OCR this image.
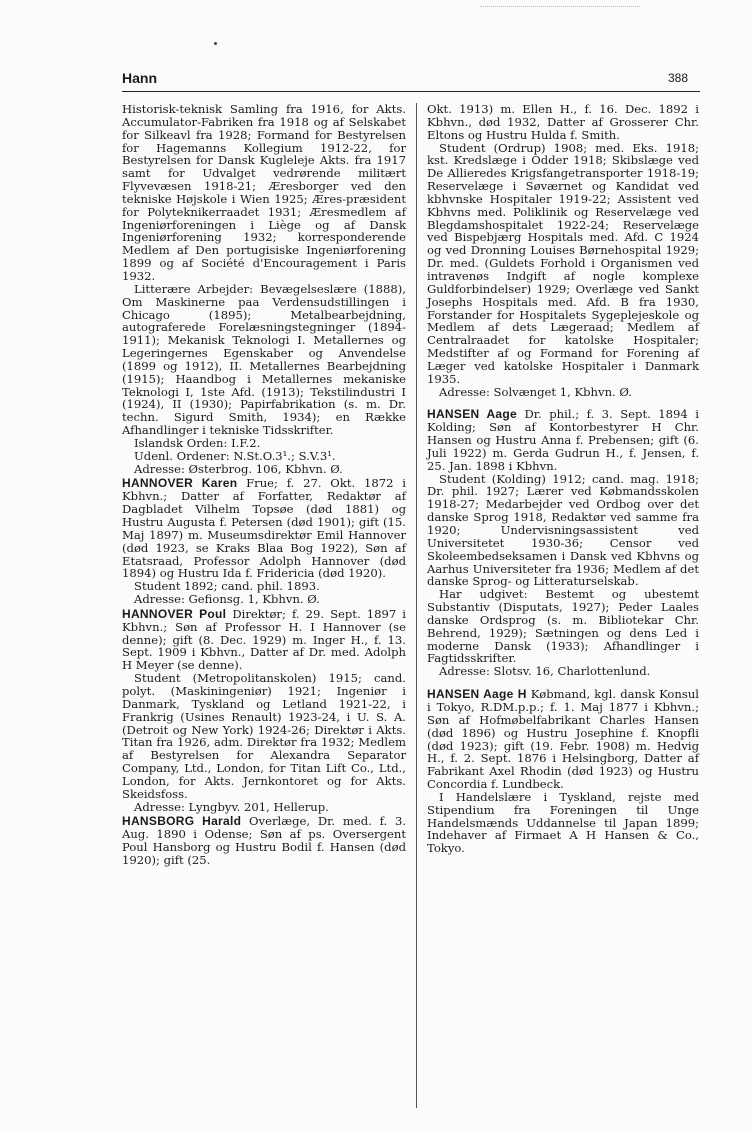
Hann	388

Historisk-teknisk Samling fra 1916, for Akts. Accumulator-Fabriken fra 1918 og af Selskabet for Silkeavl fra 1928; Formand for Bestyrelsen for Hagemanns Kollegium 1912-22, for Bestyrelsen for Dansk Kugleleje Akts. fra 1917 samt for Udvalget vedrørende militært Flyvevæsen 1918-21; Æresborger ved den tekniske Højskole i Wien 1925; Æres-præsident for Polyteknikerraadet 1931; Æresmedlem af Ingeniørforeningen i Liège og af Dansk Ingeniørforening 1932; korresponderende Medlem af Den portugisiske Ingeniørforening 1899 og af Société d'Encouragement i Paris 1932.

Litterære Arbejder: Bevægelseslære (1888), Om Maskinerne paa Verdensudstillingen i Chicago (1895); Metalbearbejdning, autograferede Forelæsningstegninger (1894-1911); Mekanisk Teknologi I. Metallernes og Legeringernes Egenskaber og Anvendelse (1899 og 1912), II. Metallernes Bearbejdning (1915); Haandbog i Metallernes mekaniske Teknologi I, 1ste Afd. (1913); Tekstilindustri I (1924), II (1930); Papirfabrikation (s. m. Dr. techn. Sigurd Smith, 1934); en Række Afhandlinger i tekniske Tidsskrifter.

Islandsk Orden: I.F.2.

Udenl. Ordener: N.St.O.3¹.; S.V.3¹.

Adresse: Østerbrog. 106, Kbhvn. Ø.

HANNOVER Karen Frue; f. 27. Okt. 1872 i Kbhvn.; Datter af Forfatter, Redaktør af Dagbladet Vilhelm Topsøe (død 1881) og Hustru Augusta f. Petersen (død 1901); gift (15. Maj 1897) m. Museumsdirektør Emil Hannover (død 1923, se Kraks Blaa Bog 1922), Søn af Etatsraad, Professor Adolph Hannover (død 1894) og Hustru Ida f. Fridericia (død 1920).

Student 1892; cand. phil. 1893.

Adresse: Gefionsg. 1, Kbhvn. Ø.

HANNOVER Poul Direktør; f. 29. Sept. 1897 i Kbhvn.; Søn af Professor H. I Hannover (se denne); gift (8. Dec. 1929) m. Inger H., f. 13. Sept. 1909 i Kbhvn., Datter af Dr. med. Adolph H Meyer (se denne).

Student (Metropolitanskolen) 1915; cand. polyt. (Maskiningeniør) 1921; Ingeniør i Danmark, Tyskland og Letland 1921-22, i Frankrig (Usines Renault) 1923-24, i U. S. A. (Detroit og New York) 1924-26; Direktør i Akts. Titan fra 1926, adm. Direktør fra 1932; Medlem af Bestyrelsen for Alexandra Separator Company, Ltd., London, for Titan Lift Co., Ltd., London, for Akts. Jernkontoret og for Akts. Skeidsfoss.

Adresse: Lyngbyv. 201, Hellerup.

HANSBORG Harald Overlæge, Dr. med. f. 3. Aug. 1890 i Odense; Søn af ps. Oversergent Poul Hansborg og Hustru Bodil f. Hansen (død 1920); gift (25.

Okt. 1913) m. Ellen H., f. 16. Dec. 1892 i Kbhvn., død 1932, Datter af Grosserer Chr. Eltons og Hustru Hulda f. Smith.

Student (Ordrup) 1908; med. Eks. 1918; kst. Kredslæge i Odder 1918; Skibslæge ved De Allieredes Krigsfangetransporter 1918-19; Reservelæge i Søværnet og Kandidat ved kbhvnske Hospitaler 1919-22; Assistent ved Kbhvns med. Poliklinik og Reservelæge ved Blegdamshospitalet 1922-24; Reservelæge ved Bispebjærg Hospitals med. Afd. C 1924 og ved Dronning Louises Børnehospital 1929; Dr. med. (Guldets Forhold i Organismen ved intravenøs Indgift af nogle komplexe Guldforbindelser) 1929; Overlæge ved Sankt Josephs Hospitals med. Afd. B fra 1930, Forstander for Hospitalets Sygeplejeskole og Medlem af dets Lægeraad; Medlem af Centralraadet for katolske Hospitaler; Medstifter af og Formand for Forening af Læger ved katolske Hospitaler i Danmark 1935.

Adresse: Solvænget 1, Kbhvn. Ø.

HANSEN Aage Dr. phil.; f. 3. Sept. 1894 i Kolding; Søn af Kontorbestyrer H Chr. Hansen og Hustru Anna f. Prebensen; gift (6. Juli 1922) m. Gerda Gudrun H., f. Jensen, f. 25. Jan. 1898 i Kbhvn.

Student (Kolding) 1912; cand. mag. 1918; Dr. phil. 1927; Lærer ved Købmandsskolen 1918-27; Medarbejder ved Ordbog over det danske Sprog 1918, Redaktør ved samme fra 1920; Undervisningsassistent ved Universitetet 1930-36; Censor ved Skoleembedseksamen i Dansk ved Kbhvns og Aarhus Universiteter fra 1936; Medlem af det danske Sprog- og Litteraturselskab.

Har udgivet: Bestemt og ubestemt Substantiv (Disputats, 1927); Peder Laales danske Ordsprog (s. m. Bibliotekar Chr. Behrend, 1929); Sætningen og dens Led i moderne Dansk (1933); Afhandlinger i Fagtidsskrifter.

Adresse: Slotsv. 16, Charlottenlund.

HANSEN Aage H Købmand, kgl. dansk Konsul i Tokyo, R.DM.p.p.; f. 1. Maj 1877 i Kbhvn.; Søn af Hofmøbelfabrikant Charles Hansen (død 1896) og Hustru Josephine f. Knopfli (død 1923); gift (19. Febr. 1908) m. Hedvig H., f. 2. Sept. 1876 i Helsingborg, Datter af Fabrikant Axel Rhodin (død 1923) og Hustru Concordia f. Lundbeck.

I Handelslære i Tyskland, rejste med Stipendium fra Foreningen til Unge Handelsmænds Uddannelse til Japan 1899; Indehaver af Firmaet A H Hansen & Co., Tokyo.
